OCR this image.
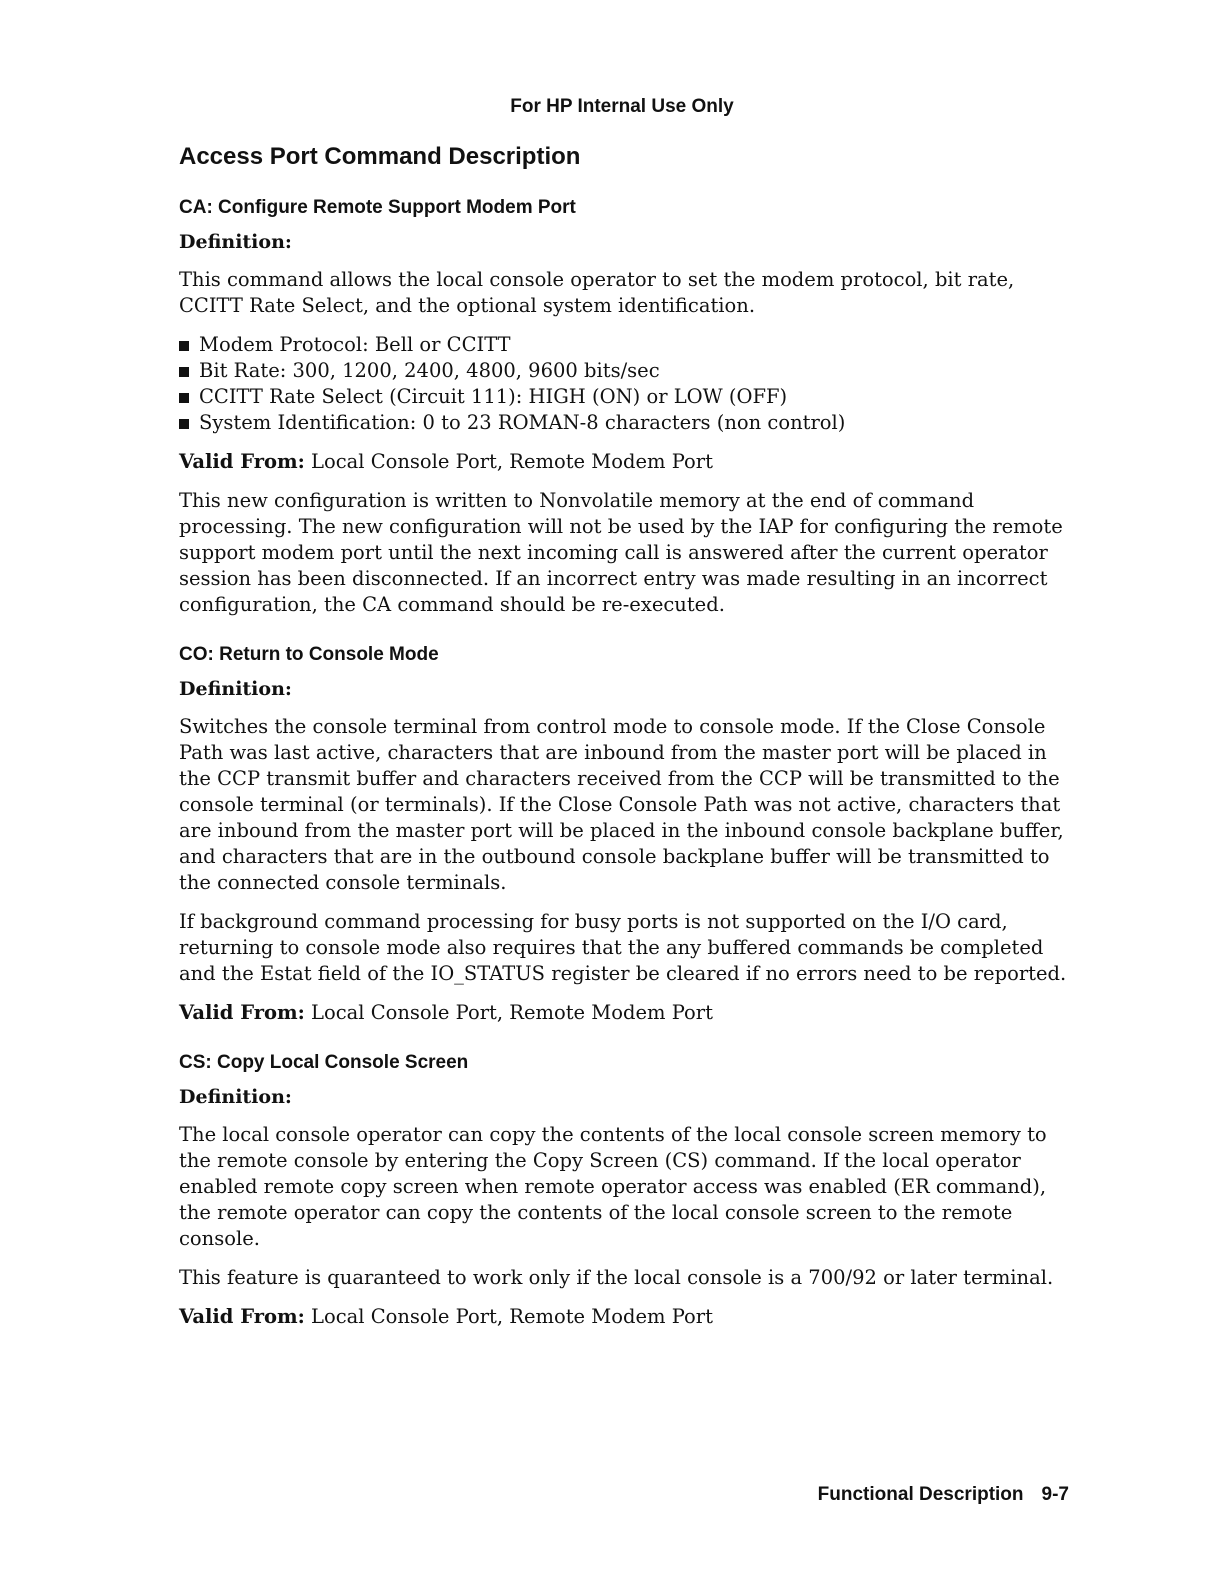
For HP Internal Use Only
Access Port Command Description
CA: Configure Remote Support Modem Port
Definition:

This command allows the local console operator to set the modem protocol, bit rate, CCITT Rate Select, and the optional system identification.

Modem Protocol: Bell or CCITT
Bit Rate: 300, 1200, 2400, 4800, 9600 bits/sec
CCITT Rate Select (Circuit 111): HIGH (ON) or LOW (OFF)
System Identification: 0 to 23 ROMAN-8 characters (non control)

Valid From: Local Console Port, Remote Modem Port

This new configuration is written to Nonvolatile memory at the end of command processing. The new configuration will not be used by the IAP for configuring the remote support modem port until the next incoming call is answered after the current operator session has been disconnected. If an incorrect entry was made resulting in an incorrect configuration, the CA command should be re-executed.

CO: Return to Console Mode
Definition:

Switches the console terminal from control mode to console mode. If the Close Console Path was last active, characters that are inbound from the master port will be placed in the CCP transmit buffer and characters received from the CCP will be transmitted to the console terminal (or terminals). If the Close Console Path was not active, characters that are inbound from the master port will be placed in the inbound console backplane buffer, and characters that are in the outbound console backplane buffer will be transmitted to the connected console terminals.

If background command processing for busy ports is not supported on the I/O card, returning to console mode also requires that the any buffered commands be completed and the Estat field of the IO_STATUS register be cleared if no errors need to be reported.

Valid From: Local Console Port, Remote Modem Port

CS: Copy Local Console Screen
Definition:

The local console operator can copy the contents of the local console screen memory to the remote console by entering the Copy Screen (CS) command. If the local operator enabled remote copy screen when remote operator access was enabled (ER command), the remote operator can copy the contents of the local console screen to the remote console.

This feature is quaranteed to work only if the local console is a 700/92 or later terminal.

Valid From: Local Console Port, Remote Modem Port

Functional Description 9-7
